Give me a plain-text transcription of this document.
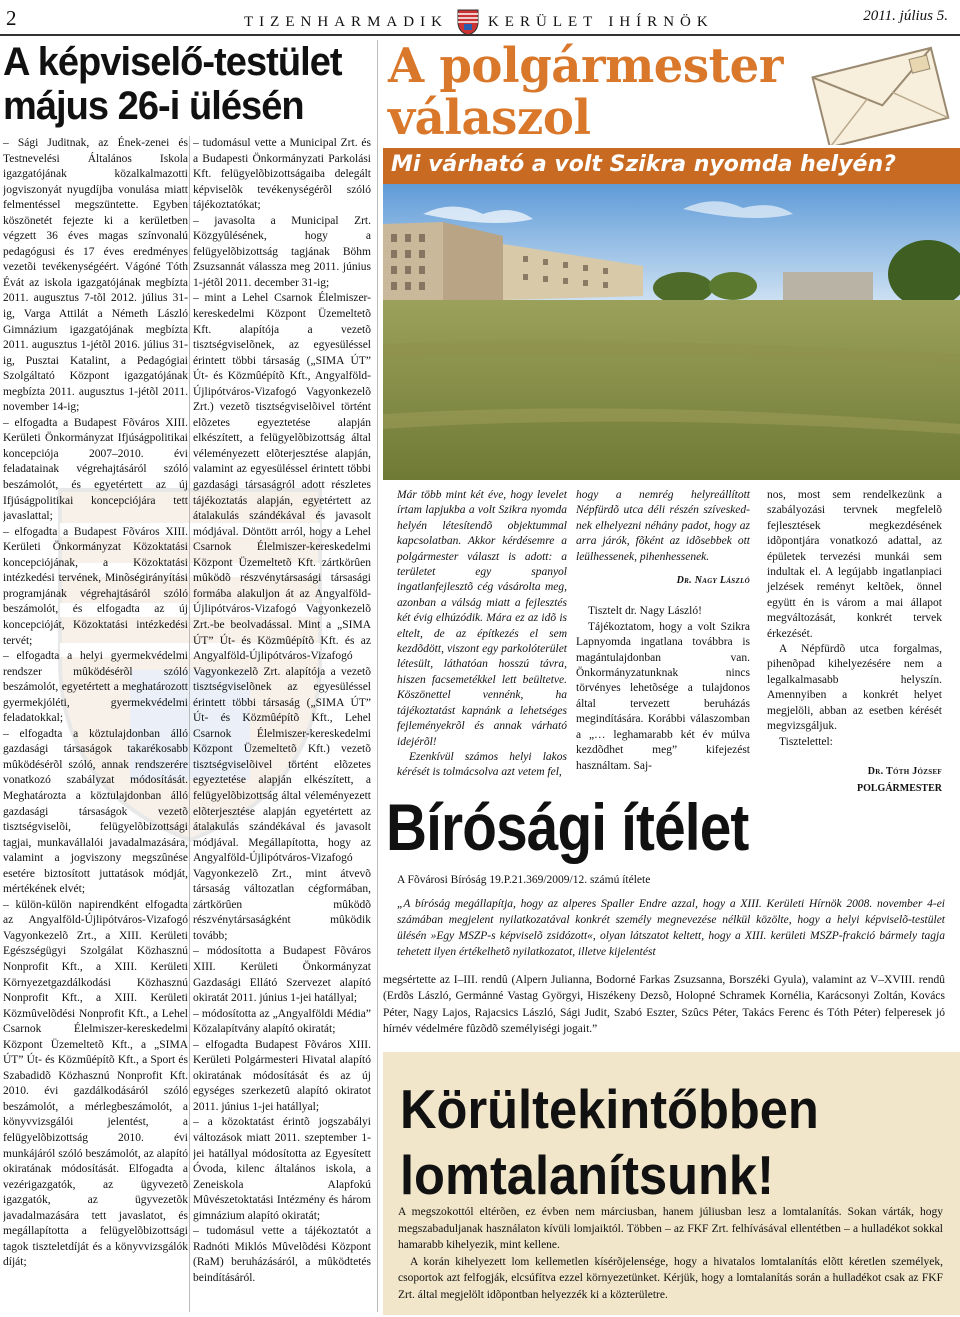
2	T I Z E N H A R M A D I K	K E R Ü L E T I H Í R N Ö K	2011. július 5.
A képviselő-testület
május 26-i ülésén

– Sági Juditnak, az Ének-zenei és Testnevelési Általános Iskola igazgatójának közalkalmazotti jogviszonyát nyugdíjba vonulása miatt felmentéssel megszüntette. Egyben köszönetét fejezte ki a kerületben végzett 36 éves magas színvonalú pedagógusi és 17 éves eredményes vezetõi tevékenységéért. Vágóné Tóth Évát az iskola igazgatójának megbízta 2011. augusztus 7-tõl 2012. július 31-ig, Varga Attilát a Németh László Gimnázium igazgatójának megbízta 2011. augusztus 1-jétõl 2016. július 31-ig, Pusztai Katalint, a Pedagógiai Szolgáltató Központ igazgatójának megbízta 2011. augusztus 1-jétõl 2011. november 14-ig;

– elfogadta a Budapest Fõváros XIII. Kerületi Önkormányzat Ifjúságpolitikai koncepciója 2007–2010. évi feladatainak végrehajtásáról szóló beszámolót, és egyetértett az új Ifjúságpolitikai koncepciójára tett javaslattal;

– elfogadta a Budapest Fõváros XIII. Kerületi Önkormányzat Közoktatási koncepciójának, a Közoktatási intézkedési tervének, Minõségirányítási programjának végrehajtásáról szóló beszámolót, és elfogadta az új koncepcióját, Közoktatási intézkedési tervét;

– elfogadta a helyi gyermekvédelmi rendszer mûködésérõl szóló beszámolót, egyetértett a meghatározott gyermekjóléti, gyermekvédelmi feladatokkal;

– elfogadta a köztulajdonban álló gazdasági társaságok takarékosabb mûködésérõl szóló, annak rendszerére vonatkozó szabályzat módosítását. Meghatározta a köztulajdonban álló gazdasági társaságok vezetõ tisztségviselõi, felügyelõbizottsági tagjai, munkavállalói javadalmazására, valamint a jogviszony megszûnése esetére biztosított juttatások módját, mértékének elvét;

– külön-külön napirendként elfogadta az Angyalföld-Újlipótváros-Vizafogó Vagyonkezelõ Zrt., a XIII. Kerületi Egészségügyi Szolgálat Közhasznú Nonprofit Kft., a XIII. Kerületi Környezetgazdálkodási Közhasznú Nonprofit Kft., a XIII. Kerületi Közmûvelõdési Nonprofit Kft., a Lehel Csarnok Élelmiszer-kereskedelmi Központ Üzemeltetõ Kft., a „SIMA ÚT” Út- és Közmûépítõ Kft., a Sport és Szabadidõ Közhasznú Nonprofit Kft. 2010. évi gazdálkodásáról szóló beszámolót, a mérlegbeszámolót, a könyvvizsgálói jelentést, a felügyelõbizottság 2010. évi munkájáról szóló beszámolót, az alapító okiratának módosítását. Elfogadta a vezérigazgatók, az ügyvezetõ igazgatók, az ügyvezetõk javadalmazására tett javaslatot, és megállapította a felügyelõbizottsági tagok tiszteletdíját és a könyvvizsgálók díját;

– tudomásul vette a Municipal Zrt. és a Budapesti Önkormányzati Parkolási Kft. felügyelõbizottságaiba delegált képviselõk tevékenységérõl szóló tájékoztatókat;

– javasolta a Municipal Zrt. Közgyûlésének, hogy a felügyelõbizottság tagjának Böhm Zsuzsannát válassza meg 2011. június 1-jétõl 2011. december 31-ig;

– mint a Lehel Csarnok Élelmiszer-kereskedelmi Központ Üzemeltetõ Kft. alapítója a vezetõ tisztségviselõnek, az egyesüléssel érintett többi társaság („SIMA ÚT” Út- és Közmûépítõ Kft., Angyalföld-Újlipótváros-Vizafogó Vagyonkezelõ Zrt.) vezetõ tisztségviselõivel történt elõzetes egyeztetése alapján elkészített, a felügyelõbizottság által véleményezett elõterjesztése alapján, valamint az egyesüléssel érintett többi gazdasági társaságról adott részletes tájékoztatás alapján, egyetértett az átalakulás szándékával és javasolt módjával. Döntött arról, hogy a Lehel Csarnok Élelmiszer-kereskedelmi Központ Üzemeltetõ Kft. zártkörûen mûködõ részvénytársasági társasági formába alakuljon át az Angyalföld-Újlipótváros-Vizafogó Vagyonkezelõ Zrt.-be beolvadással. Mint a „SIMA ÚT” Út- és Közmûépítõ Kft. és az Angyalföld-Újlipótváros-Vizafogó Vagyonkezelõ Zrt. alapítója a vezetõ tisztségviselõnek az egyesüléssel érintett többi társaság („SIMA ÚT” Út- és Közmûépítõ Kft., Lehel Csarnok Élelmiszer-kereskedelmi Központ Üzemeltetõ Kft.) vezetõ tisztségviselõivel történt elõzetes egyeztetése alapján elkészített, a felügyelõbizottság által véleményezett elõterjesztése alapján egyetértett az átalakulás szándékával és javasolt módjával. Megállapította, hogy az Angyalföld-Újlipótváros-Vizafogó Vagyonkezelõ Zrt., mint átvevõ társaság változatlan cégformában, zártkörûen mûködõ részvénytársaságként mûködik tovább;

– módosította a Budapest Fõváros XIII. Kerületi Önkormányzat Gazdasági Ellátó Szervezet alapító okiratát 2011. június 1-jei hatállyal;

– módosította az „Angyalföldi Média” Közalapítvány alapító okiratát;

– elfogadta Budapest Fõváros XIII. Kerületi Polgármesteri Hivatal alapító okiratának módosítását és az új egységes szerkezetû alapító okiratot 2011. június 1-jei hatállyal;

– a közoktatást érintõ jogszabályi változások miatt 2011. szeptember 1-jei hatállyal módosította az Egyesített Óvoda, kilenc általános iskola, a Zeneiskola Alapfokú Mûvészetoktatási Intézmény és három gimnázium alapító okiratát;

– tudomásul vette a tájékoztatót a Radnóti Miklós Mûvelõdési Központ (RaM) beruházásáról, a mûködtetés beindításáról.

A polgármester
válaszol
Mi várható a volt Szikra nyomda helyén?

Már több mint két éve, hogy levelet írtam lapjukba a volt Szikra nyomda helyén létesítendõ objektummal kapcsolatban. Akkor kérdésemre a polgármester választ is adott: a területet egy spanyol ingatlanfejlesztõ cég vásárolta meg, azonban a válság miatt a fejlesztés két évig elhúzódik. Mára ez az idõ is eltelt, de az építkezés el sem kezdõdött, viszont egy parkolóterület létesült, láthatóan hosszú távra, hiszen facsemetékkel lett beültetve. Köszönettel vennénk, ha tájékoztatást kapnánk a lehetséges fejleményekrõl és annak várható idejérõl!

Ezenkívül számos helyi lakos kérését is tolmácsolva azt vetem fel,

hogy a nemrég helyreállított Népfürdõ utca déli részén szíveskednek elhelyezni néhány padot, hogy az arra járók, fõként az idõsebbek ott leülhessenek, pihenhessenek.

Dr. Nagy László

Tisztelt dr. Nagy László!

Tájékoztatom, hogy a volt Szikra Lapnyomda ingatlana továbbra is magántulajdonban van. Önkormányzatunknak nincs törvényes lehetõsége a tulajdonos által tervezett beruházás megindítására. Korábbi válaszomban a „… leghamarabb két év múlva kezdõdhet meg” kifejezést használtam. Saj-

nos, most sem rendelkezünk a szabályozási tervnek megfelelõ fejlesztések megkezdésének idõpontjára vonatkozó adattal, az épületek tervezési munkái sem indultak el. A legújabb ingatlanpiaci jelzések reményt keltõek, önnel együtt én is várom a mai állapot megváltozását, konkrét tervek érkezését.

A Népfürdõ utca forgalmas, pihenõpad kihelyezésére nem a legalkalmasabb helyszín. Amennyiben a konkrét helyet megjelöli, abban az esetben kérését megvizsgáljuk.

Tisztelettel:

Dr. Tóth József

POLGÁRMESTER

Bírósági ítélet
A Fõvárosi Bíróság 19.P.21.369/2009/12. számú ítélete
„A bíróság megállapítja, hogy az alperes Spaller Endre azzal, hogy a XIII. Kerületi Hírnök 2008. november 4-ei számában megjelent nyilatkozatával konkrét személy megnevezése nélkül közölte, hogy a helyi képviselõ-testület ülésén »Egy MSZP-s képviselõ zsidózott«, olyan látszatot keltett, hogy a XIII. kerületi MSZP-frakció bármely tagja tehetett ilyen értékelhetõ nyilatkozatot, illetve kijelentést
megsértette az I–III. rendû (Alpern Julianna, Bodorné Farkas Zsuzsanna, Borszéki Gyula), valamint az V–XVIII. rendû (Erdõs László, Germánné Vastag Györgyi, Hiszékeny Dezsõ, Holopné Schramek Kornélia, Karácsonyi Zoltán, Kovács Péter, Nagy Lajos, Rajacsics László, Sági Judit, Szabó Eszter, Szûcs Péter, Takács Ferenc és Tóth Péter) felperesek jó hírnév védelmére fûzõdõ személyiségi jogait.”
Körültekintőbben
lomtalanítsunk!

A megszokottól eltérõen, ez évben nem márciusban, hanem júliusban lesz a lomtalanítás. Sokan várták, hogy megszabaduljanak használaton kívüli lomjaiktól. Többen – az FKF Zrt. felhívásával ellentétben – a hulladékot sokkal hamarabb kihelyezik, mint kellene.

A korán kihelyezett lom kellemetlen kísérõjelensége, hogy a hivatalos lomtalanítás elõtt kéretlen személyek, csoportok azt felfogják, elcsúfítva ezzel környezetünket. Kérjük, hogy a lomtalanítás során a hulladékot csak az FKF Zrt. által megjelölt idõpontban helyezzék ki a közterületre.
